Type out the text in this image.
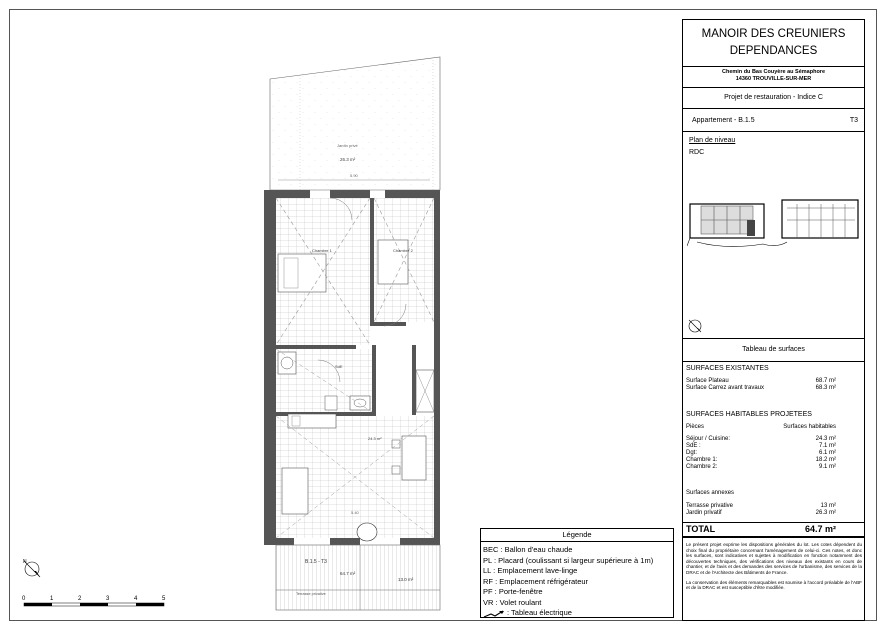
Jardin privé
26.3 m²
5.90
Chambre 1	Chambre 2
SdE
24.3 m²
5.40
B.1.5 - T3
64.7 m²
13.0 m²
Terrasse privative
N
0	1	2	3	4	5
Légende
BEC : Ballon d'eau chaude
PL : Placard (coulissant si largeur supérieure à 1m)
LL : Emplacement lave-linge
RF : Emplacement réfrigérateur
PF : Porte-fenêtre
VR : Volet roulant
: Tableau électrique
MANOIR DES CREUNIERS
DEPENDANCES
Chemin du Bas Couyère au Sémaphore
14360 TROUVILLE-SUR-MER
Projet de restauration - Indice C
Appartement - B.1.5	T3
Plan de niveau
RDC
Tableau de surfaces
SURFACES EXISTANTES
Surface Plateau	68.7 m²
Surface Carrez avant travaux	68.3 m²
SURFACES HABITABLES PROJETEES
Pièces	Surfaces habitables
Séjour / Cuisine:	24.3 m²
SdE :	7.1 m²
Dgt:	6.1 m²
Chambre 1:	18.2 m²
Chambre 2:	9.1 m²
Surfaces annexes
Terrasse privative	13 m²
Jardin privatif	26.3 m²
TOTAL	64.7 m²
Le présent projet exprime les dispositions générales du lot. Les cotes dépendent du choix final du propriétaire concernant l'aménagement de celui-ci. Ces notes, et donc les surfaces, sont indicatives et sujettes à modification en fonction notamment des découvertes techniques, des vérifications des niveaux des existants en cours de chantier, et de l'avis et des demandes des services de l'urbanisme, des services de la DRAC et de l'Architecte des Bâtiments de France.
La conservation des éléments remarquables est soumise à l'accord préalable de l'ABF et de la DRAC et est susceptible d'être modifiée.
